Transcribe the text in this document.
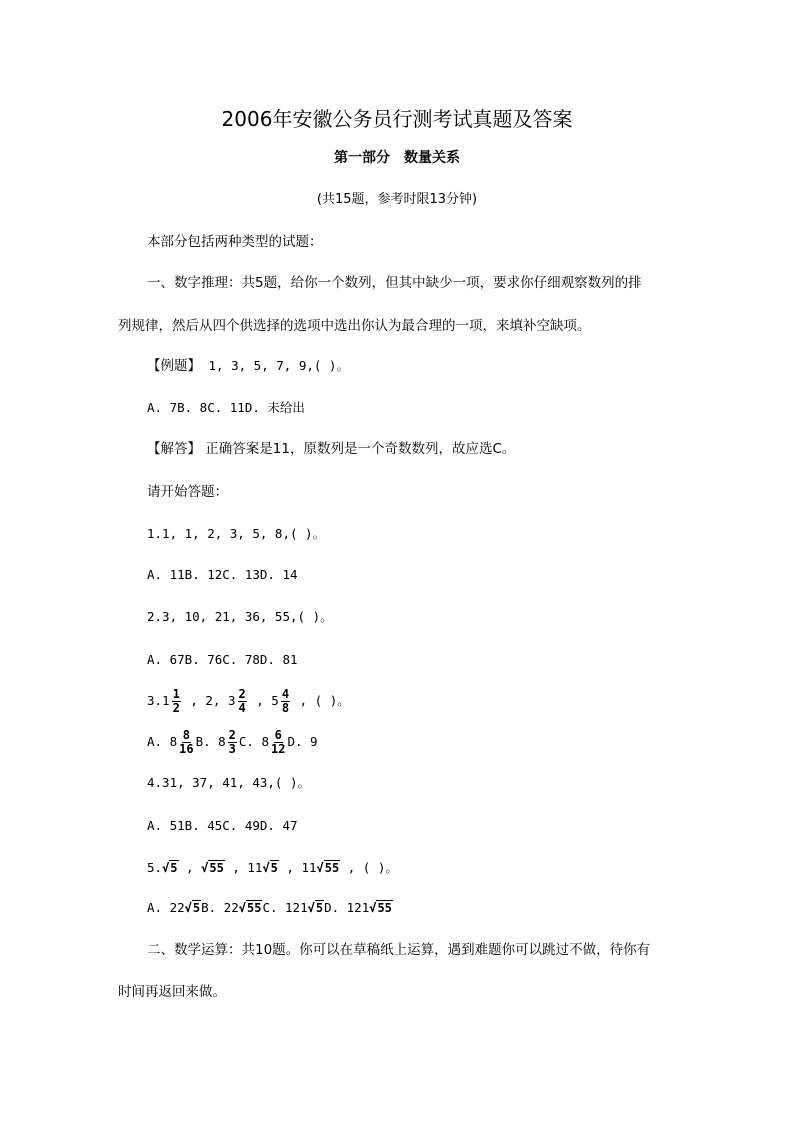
2006年安徽公务员行测考试真题及答案
第一部分　数量关系
(共15题，参考时限13分钟)
本部分包括两种类型的试题：
一、数字推理：共5题，给你一个数列，但其中缺少一项，要求你仔细观察数列的排
列规律，然后从四个供选择的选项中选出你认为最合理的一项，来填补空缺项。
【例题】 1, 3, 5, 7, 9,( )。
A. 7B. 8C. 11D. 未给出
【解答】 正确答案是11，原数列是一个奇数数列，故应选C。
请开始答题：
1.1, 1, 2, 3, 5, 8,( )。
A. 11B. 12C. 13D. 14
2.3, 10, 21, 36, 55,( )。
A. 67B. 76C. 78D. 81
$3.1 \frac{1}{2}$ , 2, $3 \frac{2}{4}$ , $5 \frac{4}{8}$ , ( )。
A. $8 \frac{8}{16} B$. $8 \frac{2}{3} C$. $8 \frac{6}{12} D$. 9
4.31, 37, 41, 43,( )。
A. 51B. 45C. 49D. 47
5.√5 , √55 , 11√5 , 11√55 , ( )。
A. 22√5B. 22√55C. 121√5D. 121√55
二、数学运算：共10题。你可以在草稿纸上运算，遇到难题你可以跳过不做，待你有
时间再返回来做。
